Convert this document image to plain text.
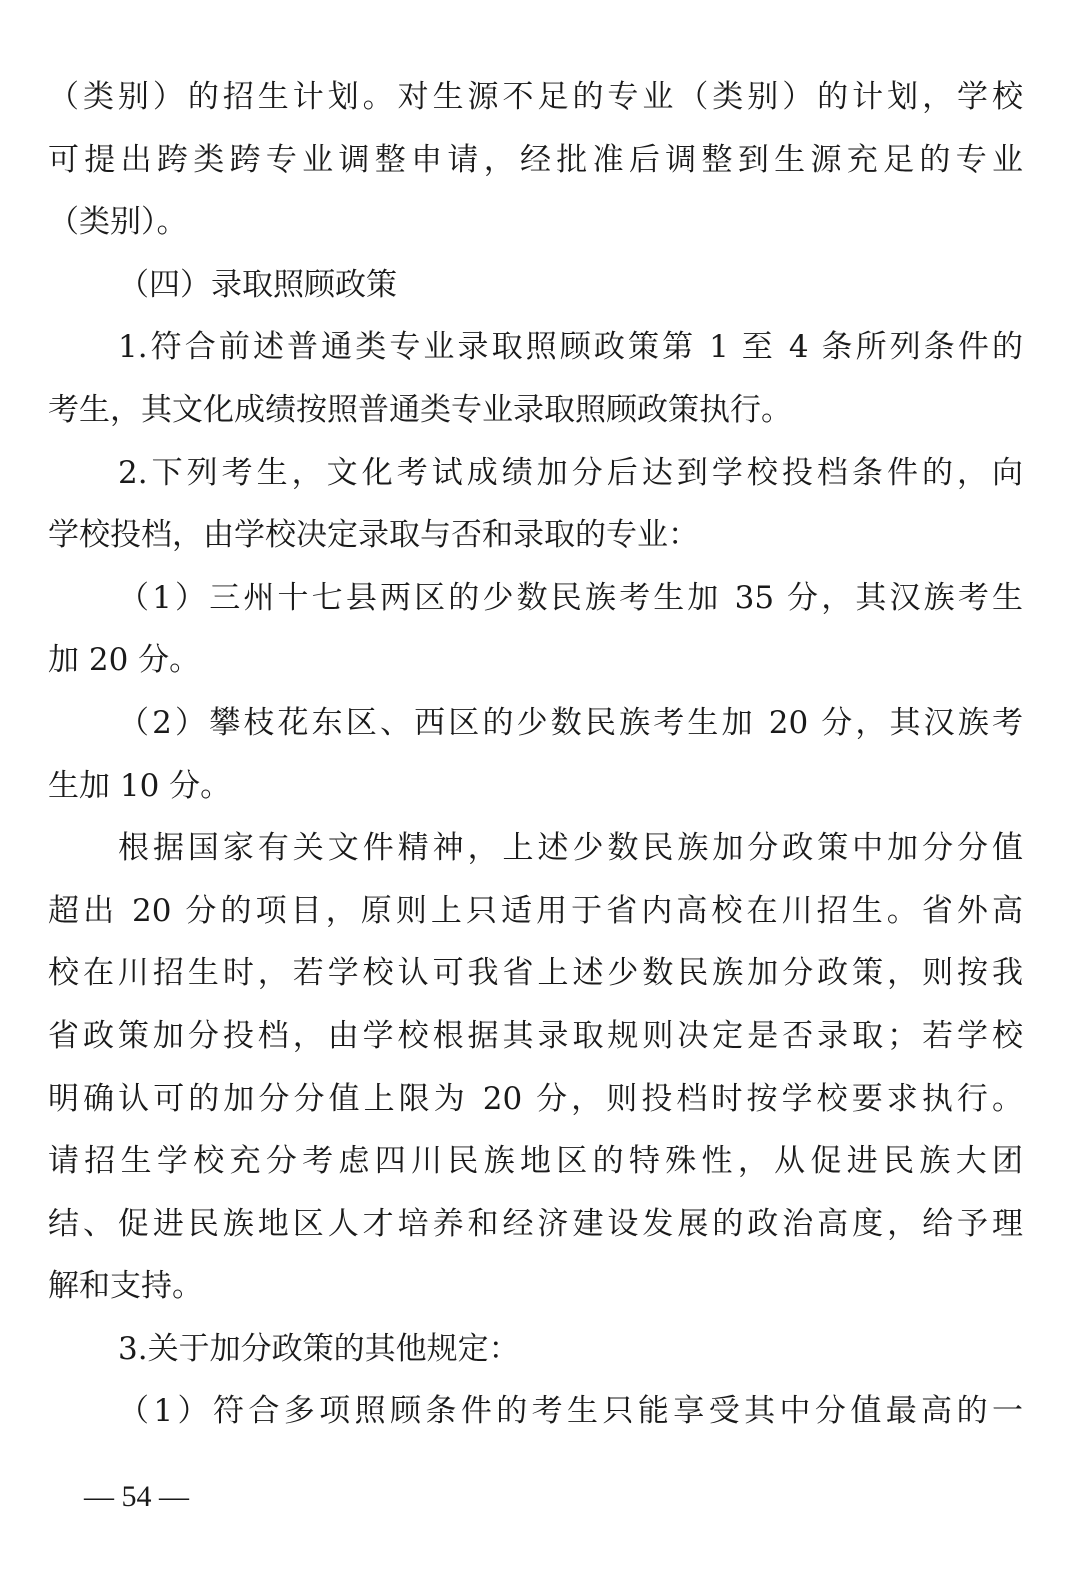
（类别）的招生计划。对生源不足的专业（类别）的计划，学校
可提出跨类跨专业调整申请，经批准后调整到生源充足的专业
（类别）。
（四）录取照顾政策
1.符合前述普通类专业录取照顾政策第 1 至 4 条所列条件的
考生，其文化成绩按照普通类专业录取照顾政策执行。
2.下列考生，文化考试成绩加分后达到学校投档条件的，向
学校投档，由学校决定录取与否和录取的专业：
（1）三州十七县两区的少数民族考生加 35 分，其汉族考生
加 20 分。
（2）攀枝花东区、西区的少数民族考生加 20 分，其汉族考
生加 10 分。
根据国家有关文件精神，上述少数民族加分政策中加分分值
超出 20 分的项目，原则上只适用于省内高校在川招生。省外高
校在川招生时，若学校认可我省上述少数民族加分政策，则按我
省政策加分投档，由学校根据其录取规则决定是否录取；若学校
明确认可的加分分值上限为 20 分，则投档时按学校要求执行。
请招生学校充分考虑四川民族地区的特殊性，从促进民族大团
结、促进民族地区人才培养和经济建设发展的政治高度，给予理
解和支持。
3.关于加分政策的其他规定：
（1）符合多项照顾条件的考生只能享受其中分值最高的一
— 54 —
